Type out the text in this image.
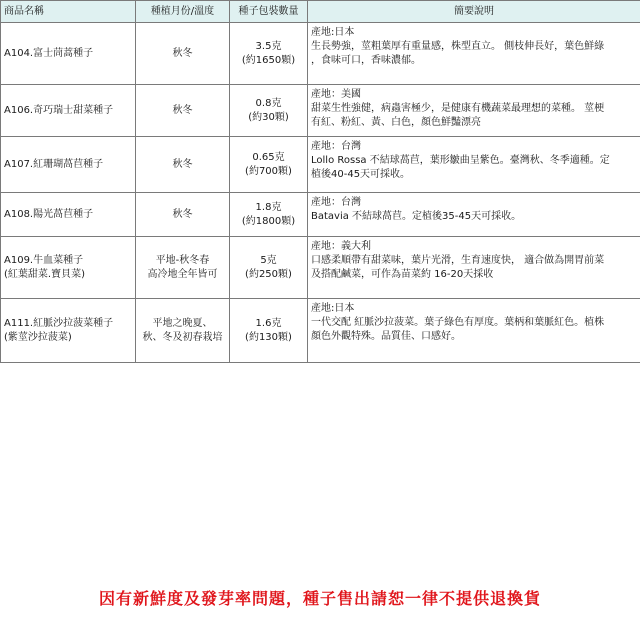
商品名稱	種植月份/溫度	種子包裝數量	簡要說明

A104.富士茼蒿種子	秋冬	3.5克
(約1650顆)	產地:日本
生長勢強，莖粗葉厚有重量感，株型直立。 側枝伸長好，葉色鮮綠
，食味可口，香味濃郁。

A106.奇巧瑞士甜菜種子	秋冬	0.8克
(約30顆)	產地：美國
甜菜生性強健，病蟲害極少，是健康有機蔬菜最理想的菜種。 莖梗
有紅、粉紅、黃、白色，顏色鮮豔漂亮

A107.紅珊瑚萵苣種子	秋冬	0.65克
(約700顆)	產地：台灣
Lollo Rossa 不結球萵苣，葉形皺曲呈紫色。臺灣秋、冬季適種。定
植後40-45天可採收。

A108.陽光萵苣種子	秋冬	1.8克
(約1800顆)	產地：台灣
Batavia 不結球萵苣。定植後35-45天可採收。

A109.牛血菜種子
(紅葉甜菜.寶貝菜)	平地-秋冬春
高冷地全年皆可	5克
(約250顆)	產地：義大利
口感柔順帶有甜菜味，葉片光滑，生育速度快， 適合做為開胃前菜
及搭配鹹菜，可作為苗菜約 16-20天採收

A111.紅脈沙拉菠菜種子
(紫莖沙拉菠菜)	平地之晚夏、
秋、冬及初春栽培	1.6克
(約130顆)	產地:日本
一代交配 紅脈沙拉菠菜。葉子綠色有厚度。葉柄和葉脈紅色。植株
顏色外觀特殊。品質佳、口感好。
因有新鮮度及發芽率問題，種子售出請恕一律不提供退換貨
